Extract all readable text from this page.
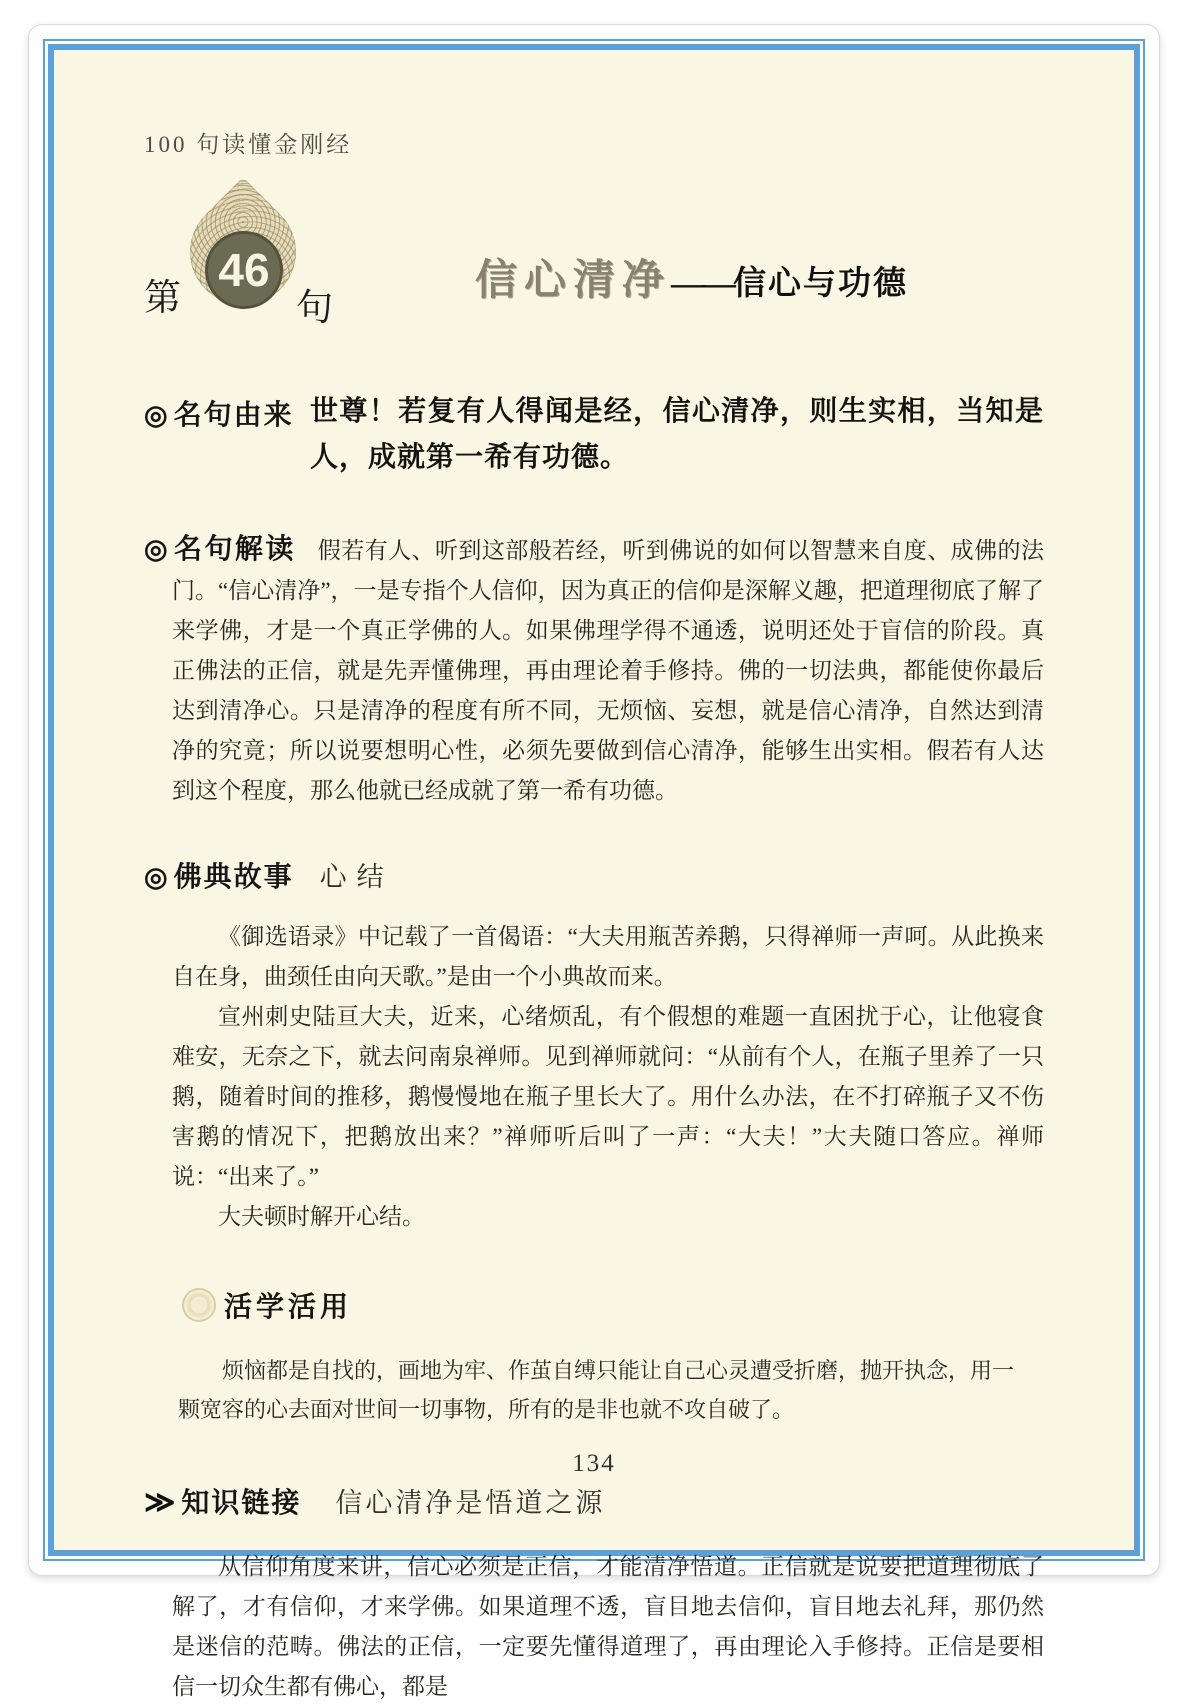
100 句读懂金刚经
第
46
句
信心清净——信心与功德
◎ 名句由来 世尊！若复有人得闻是经，信心清净，则生实相，当知是人，成就第一希有功德。

◎ 名句解读 假若有人、听到这部般若经，听到佛说的如何以智慧来自度、成佛的法门。“信心清净”，一是专指个人信仰，因为真正的信仰是深解义趣，把道理彻底了解了来学佛，才是一个真正学佛的人。如果佛理学得不通透，说明还处于盲信的阶段。真正佛法的正信，就是先弄懂佛理，再由理论着手修持。佛的一切法典，都能使你最后达到清净心。只是清净的程度有所不同，无烦恼、妄想，就是信心清净，自然达到清净的究竟；所以说要想明心性，必须先要做到信心清净，能够生出实相。假若有人达到这个程度，那么他就已经成就了第一希有功德。

◎ 佛典故事 心结

《御选语录》中记载了一首偈语：“大夫用瓶苦养鹅，只得禅师一声呵。从此换来自在身，曲颈任由向天歌。”是由一个小典故而来。

宣州刺史陆亘大夫，近来，心绪烦乱，有个假想的难题一直困扰于心，让他寝食难安，无奈之下，就去问南泉禅师。见到禅师就问：“从前有个人，在瓶子里养了一只鹅，随着时间的推移，鹅慢慢地在瓶子里长大了。用什么办法，在不打碎瓶子又不伤害鹅的情况下，把鹅放出来？”禅师听后叫了一声：“大夫！”大夫随口答应。禅师说：“出来了。”

大夫顿时解开心结。

活学活用

烦恼都是自找的，画地为牢、作茧自缚只能让自己心灵遭受折磨，抛开执念，用一颗宽容的心去面对世间一切事物，所有的是非也就不攻自破了。

≫ 知识链接 信心清净是悟道之源

从信仰角度来讲，信心必须是正信，才能清净悟道。正信就是说要把道理彻底了解了，才有信仰，才来学佛。如果道理不透，盲目地去信仰，盲目地去礼拜，那仍然是迷信的范畴。佛法的正信，一定要先懂得道理了，再由理论入手修持。正信是要相信一切众生都有佛心，都是

134
